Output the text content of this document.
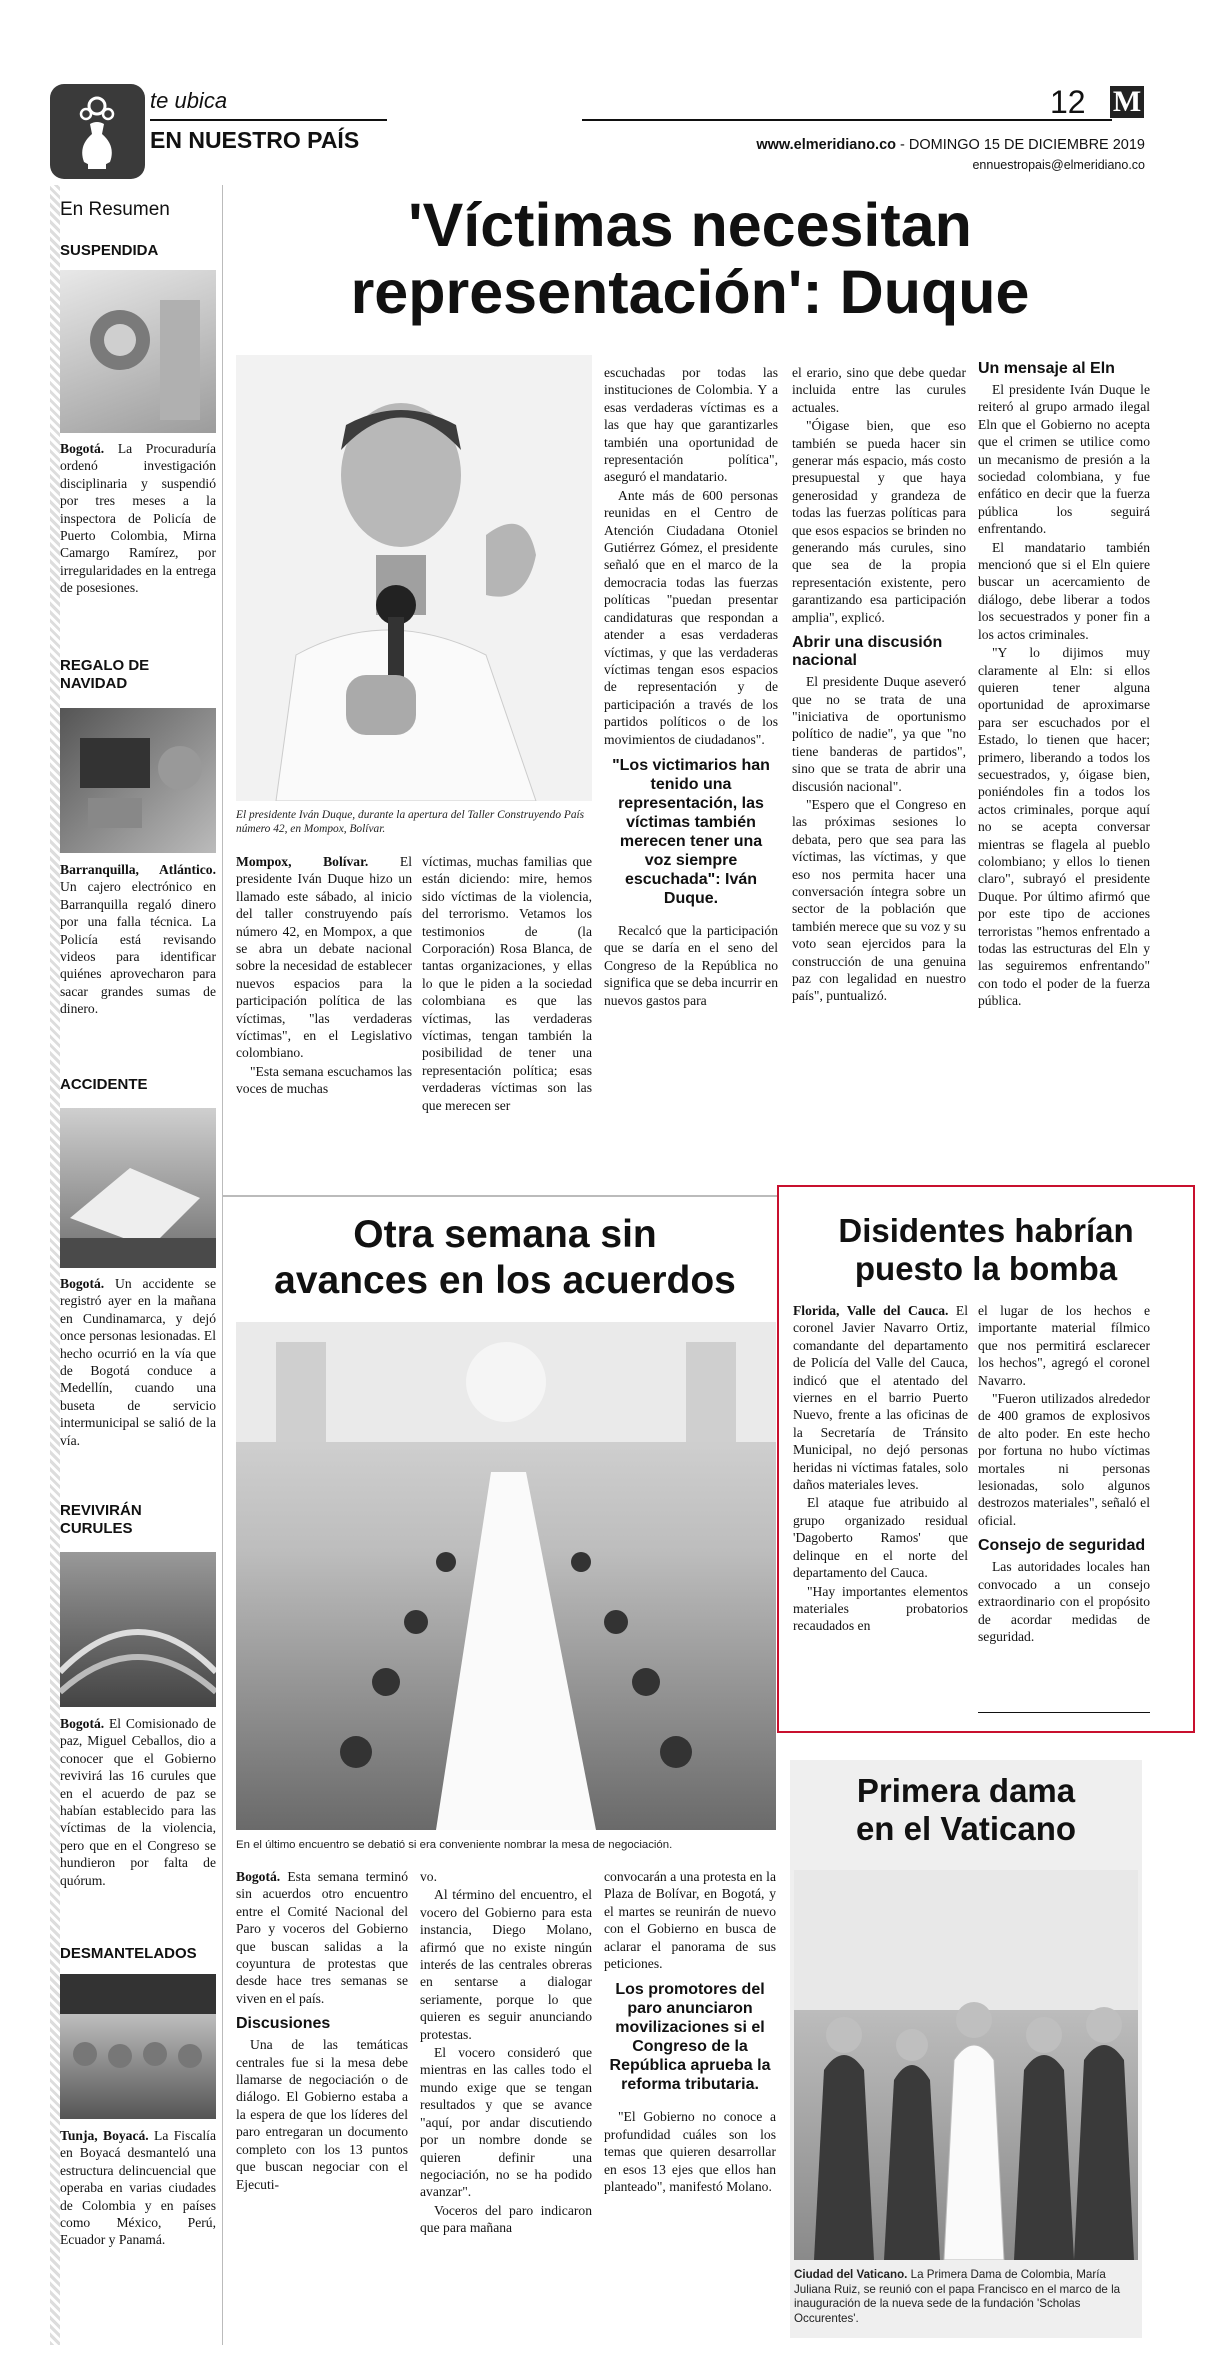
te ubica
EN NUESTRO PAÍS
12 M
www.elmeridiano.co - DOMINGO 15 DE DICIEMBRE 2019
ennuestropais@elmeridiano.co
En Resumen
SUSPENDIDA
Bogotá. La Procuraduría ordenó investigación disciplinaria y suspendió por tres meses a la inspectora de Policía de Puerto Colombia, Mirna Camargo Ramírez, por irregularidades en la entrega de posesiones.
REGALO DE NAVIDAD
Barranquilla, Atlántico. Un cajero electrónico en Barranquilla regaló dinero por una falla técnica. La Policía está revisando videos para identificar quiénes aprovecharon para sacar grandes sumas de dinero.
ACCIDENTE
Bogotá. Un accidente se registró ayer en la mañana en Cundinamarca, y dejó once personas lesionadas. El hecho ocurrió en la vía que de Bogotá conduce a Medellín, cuando una buseta de servicio intermunicipal se salió de la vía.
REVIVIRÁN CURULES
Bogotá. El Comisionado de paz, Miguel Ceballos, dio a conocer que el Gobierno revivirá las 16 curules que en el acuerdo de paz se habían establecido para las víctimas de la violencia, pero que en el Congreso se hundieron por falta de quórum.
DESMANTELADOS
Tunja, Boyacá. La Fiscalía en Boyacá desmanteló una estructura delincuencial que operaba en varias ciudades de Colombia y en países como México, Perú, Ecuador y Panamá.
'Víctimas necesitan
representación': Duque
El presidente Iván Duque, durante la apertura del Taller Construyendo País número 42, en Mompox, Bolívar.

Mompox, Bolívar. El presidente Iván Duque hizo un llamado este sábado, al inicio del taller construyendo país número 42, en Mompox, a que se abra un debate nacional sobre la necesidad de establecer nuevos espacios para la participación política de las víctimas, "las verdaderas víctimas", en el Legislativo colombiano.

"Esta semana escuchamos las voces de muchas

víctimas, muchas familias que están diciendo: mire, hemos sido víctimas de la violencia, del terrorismo. Vetamos los testimonios de (la Corporación) Rosa Blanca, de tantas organizaciones, y ellas lo que le piden a la sociedad colombiana es que las víctimas, las verdaderas víctimas, tengan también la posibilidad de tener una representación política; esas verdaderas víctimas son las que merecen ser

escuchadas por todas las instituciones de Colombia. Y a esas verdaderas víctimas es a las que hay que garantizarles también una oportunidad de representación política", aseguró el mandatario.

Ante más de 600 personas reunidas en el Centro de Atención Ciudadana Otoniel Gutiérrez Gómez, el presidente señaló que en el marco de la democracia todas las fuerzas políticas "puedan presentar candidaturas que respondan a atender a esas verdaderas víctimas, y que las verdaderas víctimas tengan esos espacios de representación y de participación a través de los partidos políticos o de los movimientos de ciudadanos".

"Los victimarios han tenido una representación, las víctimas también merecen tener una voz siempre escuchada": Iván Duque.

Recalcó que la participación que se daría en el seno del Congreso de la República no significa que se deba incurrir en nuevos gastos para

el erario, sino que debe quedar incluida entre las curules actuales.

"Óigase bien, que eso también se pueda hacer sin generar más espacio, más costo presupuestal y que haya generosidad y grandeza de todas las fuerzas políticas para que esos espacios se brinden no generando más curules, sino que sea de la propia representación existente, pero garantizando esa participación amplia", explicó.

Abrir una discusión nacional

El presidente Duque aseveró que no se trata de una "iniciativa de oportunismo político de nadie", ya que "no tiene banderas de partidos", sino que se trata de abrir una discusión nacional".

"Espero que el Congreso en las próximas sesiones lo debata, pero que sea para las víctimas, las víctimas, y que eso nos permita hacer una conversación íntegra sobre un sector de la población que también merece que su voz y su voto sean ejercidos para la construcción de una genuina paz con legalidad en nuestro país", puntualizó.

Un mensaje al Eln

El presidente Iván Duque le reiteró al grupo armado ilegal Eln que el Gobierno no acepta que el crimen se utilice como un mecanismo de presión a la sociedad colombiana, y fue enfático en decir que la fuerza pública los seguirá enfrentando.

El mandatario también mencionó que si el Eln quiere buscar un acercamiento de diálogo, debe liberar a todos los secuestrados y poner fin a los actos criminales.

"Y lo dijimos muy claramente al Eln: si ellos quieren tener alguna oportunidad de aproximarse para ser escuchados por el Estado, lo tienen que hacer; primero, liberando a todos los secuestrados, y, óigase bien, poniéndoles fin a todos los actos criminales, porque aquí no se acepta conversar mientras se flagela al pueblo colombiano; y ellos lo tienen claro", subrayó el presidente Duque. Por último afirmó que por este tipo de acciones terroristas "hemos enfrentado a todas las estructuras del Eln y las seguiremos enfrentando" con todo el poder de la fuerza pública.

Otra semana sin
avances en los acuerdos
En el último encuentro se debatió si era conveniente nombrar la mesa de negociación.

Bogotá. Esta semana terminó sin acuerdos otro encuentro entre el Comité Nacional del Paro y voceros del Gobierno que buscan salidas a la coyuntura de protestas que desde hace tres semanas se viven en el país.

Discusiones

Una de las temáticas centrales fue si la mesa debe llamarse de negociación o de diálogo. El Gobierno estaba a la espera de que los líderes del paro entregaran un documento completo con los 13 puntos que buscan negociar con el Ejecuti-

vo.

Al término del encuentro, el vocero del Gobierno para esta instancia, Diego Molano, afirmó que no existe ningún interés de las centrales obreras en sentarse a dialogar seriamente, porque lo que quieren es seguir anunciando protestas.

El vocero consideró que mientras en las calles todo el mundo exige que se tengan resultados y que se avance "aquí, por andar discutiendo por un nombre donde se quieren definir una negociación, no se ha podido avanzar".

Voceros del paro indicaron que para mañana

convocarán a una protesta en la Plaza de Bolívar, en Bogotá, y el martes se reunirán de nuevo con el Gobierno en busca de aclarar el panorama de sus peticiones.

Los promotores del paro anunciaron movilizaciones si el Congreso de la República aprueba la reforma tributaria.

"El Gobierno no conoce a profundidad cuáles son los temas que quieren desarrollar en esos 13 ejes que ellos han planteado", manifestó Molano.

Disidentes habrían
puesto la bomba

Florida, Valle del Cauca. El coronel Javier Navarro Ortiz, comandante del departamento de Policía del Valle del Cauca, indicó que el atentado del viernes en el barrio Puerto Nuevo, frente a las oficinas de la Secretaría de Tránsito Municipal, no dejó personas heridas ni víctimas fatales, solo daños materiales leves.

El ataque fue atribuido al grupo organizado residual 'Dagoberto Ramos' que delinque en el norte del departamento del Cauca.

"Hay importantes elementos materiales probatorios recaudados en

el lugar de los hechos e importante material fílmico que nos permitirá esclarecer los hechos", agregó el coronel Navarro.

"Fueron utilizados alrededor de 400 gramos de explosivos de alto poder. En este hecho por fortuna no hubo víctimas mortales ni personas lesionadas, solo algunos destrozos materiales", señaló el oficial.

Consejo de seguridad

Las autoridades locales han convocado a un consejo extraordinario con el propósito de acordar medidas de seguridad.

Primera dama
en el Vaticano
Ciudad del Vaticano. La Primera Dama de Colombia, María Juliana Ruiz, se reunió con el papa Francisco en el marco de la inauguración de la nueva sede de la fundación 'Scholas Occurentes'.
